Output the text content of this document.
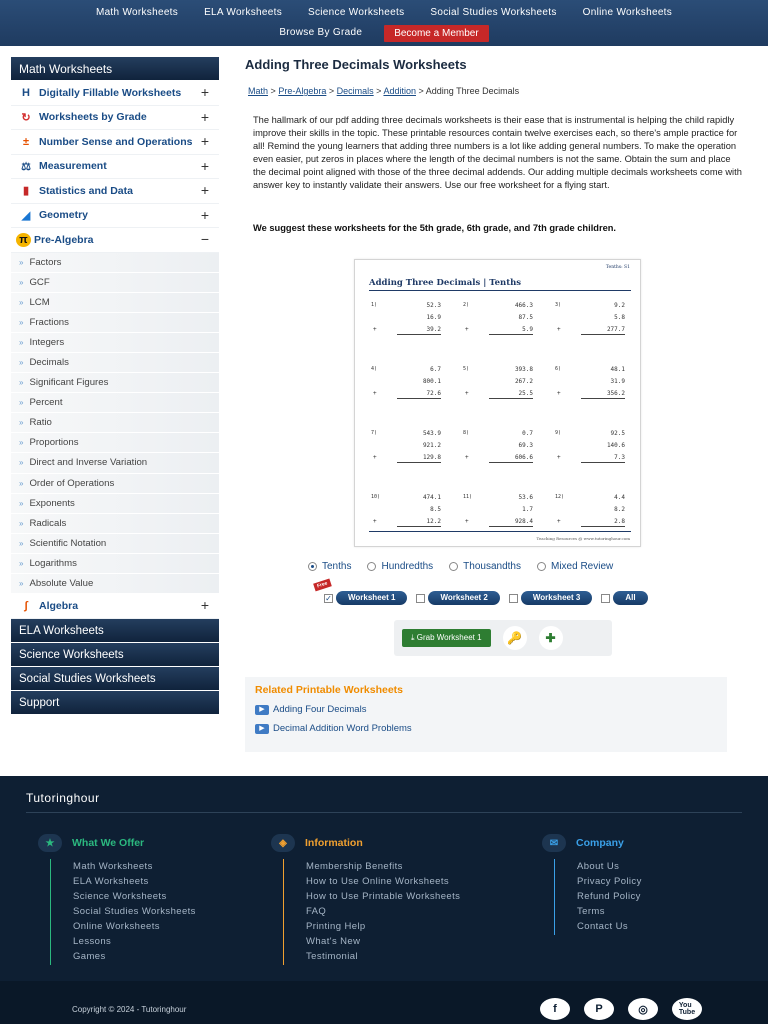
Math Worksheets	ELA Worksheets	Science Worksheets	Social Studies Worksheets	Online Worksheets
Browse By Grade	Become a Member
Math Worksheets
H Digitally Fillable Worksheets +
↻ Worksheets by Grade	+
± Number Sense and Operations +
⚖ Measurement	+
▮ Statistics and Data	+
◢ Geometry	+
π Pre-Algebra	−
» Factors
» GCF
» LCM
» Fractions
» Integers
» Decimals
» Significant Figures
» Percent
» Ratio
» Proportions
» Direct and Inverse Variation
» Order of Operations
» Exponents
» Radicals
» Scientific Notation
» Logarithms
» Absolute Value
∫	Algebra	+
ELA Worksheets
Science Worksheets
Social Studies Worksheets
Support
Adding Three Decimals Worksheets
Math > Pre-Algebra > Decimals > Addition > Adding Three Decimals

The hallmark of our pdf adding three decimals worksheets is their ease that is instrumental is helping the child rapidly improve their skills in the topic. These printable resources contain twelve exercises each, so there's ample practice for all! Remind the young learners that adding three numbers is a lot like adding general numbers. To make the operation even easier, put zeros in places where the length of the decimal numbers is not the same. Obtain the sum and place the decimal point aligned with those of the three decimal addends. Our adding multiple decimals worksheets come with answer key to instantly validate their answers. Use our free worksheet for a flying start.

We suggest these worksheets for the 5th grade, 6th grade, and 7th grade children.

Tenths: S1
Adding Three Decimals | Tenths
Teaching Resources @ www.tutoringhour.com
1)	52.3
16.9
39.2
+
2)	466.3
87.5
5.9
+
3)	9.2
5.8
277.7
+
4)	6.7
800.1
72.6
+
5)	393.8
267.2
25.5
+
6)	48.1
31.9
356.2
+
7)	543.9
921.2
129.8
+
8)	0.7
69.3
606.6
+
9)	92.5
140.6
7.3
+
10)	474.1
8.5
12.2
+
11)	53.6
1.7
928.4
+
12)	4.4
8.2
2.8
+
Tenths	Hundredths	Thousandths	Mixed Review
Free
✓	Worksheet 1	Worksheet 2	Worksheet 3	All
⤓ Grab Worksheet 1	🔑	✚
Related Printable Worksheets
▶ Adding Four Decimals
▶ Decimal Addition Word Problems
Tutoringhour
★	What We Offer
Math Worksheets
ELA Worksheets
Science Worksheets
Social Studies Worksheets
Online Worksheets
Lessons
Games
◈	Information
Membership Benefits
How to Use Online Worksheets
How to Use Printable Worksheets
FAQ
Printing Help
What's New
Testimonial
✉	Company
About Us
Privacy Policy
Refund Policy
Terms
Contact Us
Copyright © 2024 - Tutoringhour	f	P	◎	You
Tube
